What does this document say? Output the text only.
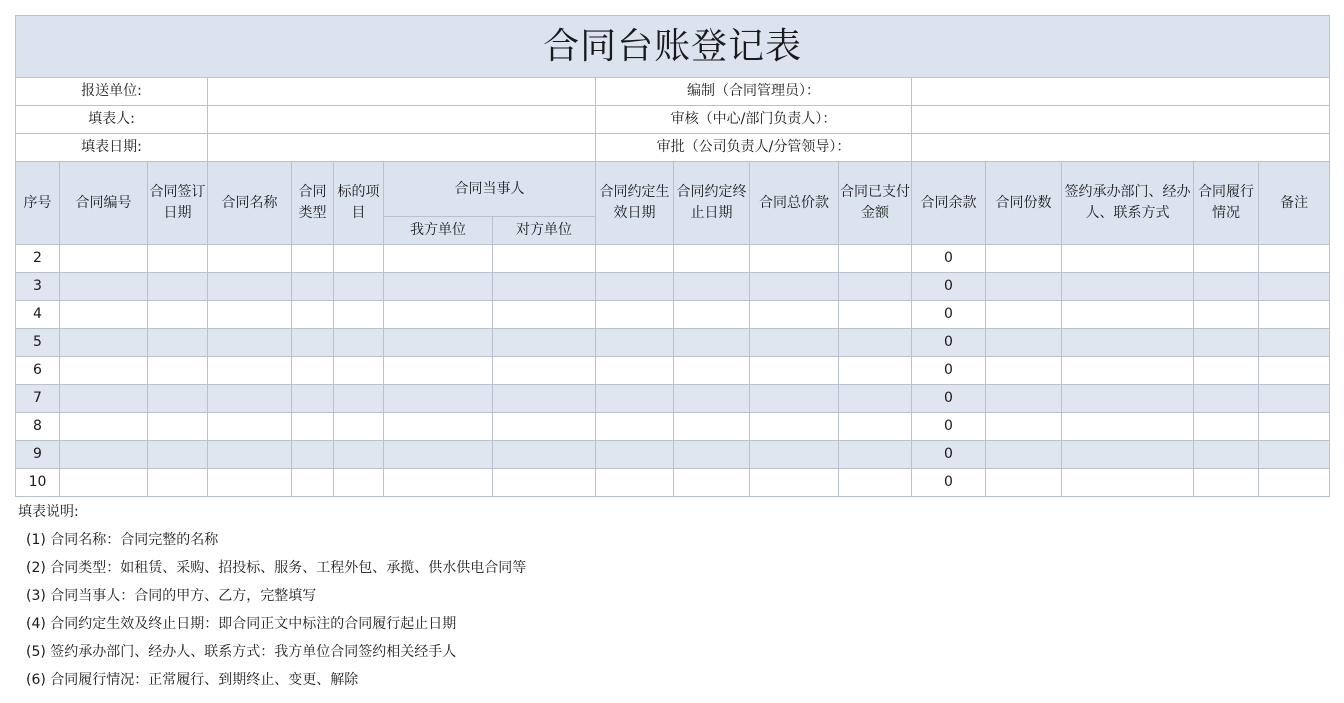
合同台账登记表																
报送单位:								编制（合同管理员）：								
填表人:								审核（中心/部门负责人）：								
填表日期:								审批（公司负责人/分管领导）：								
序号	合同编号	合同签订日期	合同名称	合同类型	标的项目	合同当事人		合同约定生效日期	合同约定终止日期	合同总价款	合同已支付金额	合同余款	合同份数	签约承办部门、经办人、联系方式	合同履行情况	备注
						我方单位	对方单位									
2												0				
3												0				
4												0				
5												0				
6												0				
7												0				
8												0				
9												0				
10												0				
填表说明:
(1) 合同名称：合同完整的名称
(2) 合同类型：如租赁、采购、招投标、服务、工程外包、承揽、供水供电合同等
(3) 合同当事人：合同的甲方、乙方，完整填写
(4) 合同约定生效及终止日期：即合同正文中标注的合同履行起止日期
(5) 签约承办部门、经办人、联系方式：我方单位合同签约相关经手人
(6) 合同履行情况：正常履行、到期终止、变更、解除
